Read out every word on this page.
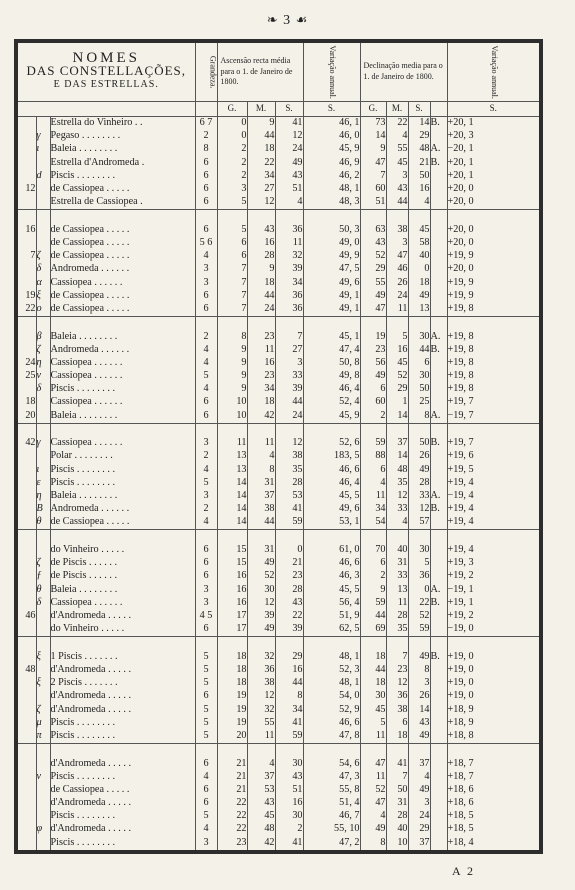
❧ 3 ☙
NOMES
DAS CONSTELLAÇÕES,
E DAS ESTRELLAS.			Grandeza.	Ascensão recta média para o 1. de Janeiro de 1800.			Variação annual.	Declinação media para o 1. de Janeiro de 1800.				Variação annual.
				G.	M.	S.	S.	G.	M.	S.		S.
		Estrella do Vinheiro . .	6 7	0	9	41	46, 1	73	22	14	B.	+20, 1
	γ	Pegaso . . . . . . . .	2	0	44	12	46, 0	14	4	29		+20, 3
	ι	Baleia . . . . . . . .	8	2	18	24	45, 9	9	55	48	A.	−20, 1
		Estrella d'Andromeda .	6	2	22	49	46, 9	47	45	21	B.	+20, 1
	d	Piscis . . . . . . . .	6	2	34	43	46, 2	7	3	50		+20, 1
12		de Cassiopea . . . . .	6	3	27	51	48, 1	60	43	16		+20, 0
		Estrella de Cassiopea .	6	5	12	4	48, 3	51	44	4		+20, 0

16		de Cassiopea . . . . .	6	5	43	36	50, 3	63	38	45		+20, 0
		de Cassiopea . . . . .	5 6	6	16	11	49, 0	43	3	58		+20, 0
7	ζ	de Cassiopea . . . . .	4	6	28	32	49, 9	52	47	40		+19, 9
	δ	Andromeda . . . . . .	3	7	9	39	47, 5	29	46	0		+20, 0
	α	Cassiopea . . . . . .	3	7	18	34	49, 6	55	26	18		+19, 9
19	ξ	de Cassiopea . . . . .	6	7	44	36	49, 1	49	24	49		+19, 9
22	ο	de Cassiopea . . . . .	6	7	24	36	49, 1	47	11	13		+19, 8

	β	Baleia . . . . . . . .	2	8	23	7	45, 1	19	5	30	A.	+19, 8
	ζ	Andromeda . . . . . .	4	9	11	27	47, 4	23	16	44	B.	+19, 8
24	η	Cassiopea . . . . . .	4	9	16	3	50, 8	56	45	6		+19, 8
25	ν	Cassiopea . . . . . .	5	9	23	33	49, 8	49	52	30		+19, 8
	δ	Piscis . . . . . . . .	4	9	34	39	46, 4	6	29	50		+19, 8
18		Cassiopea . . . . . .	6	10	18	44	52, 4	60	1	25		+19, 7
20		Baleia . . . . . . . .	6	10	42	24	45, 9	2	14	8	A.	−19, 7

42	γ	Cassiopea . . . . . .	3	11	11	12	52, 6	59	37	50	B.	+19, 7
		Polar . . . . . . . .	2	13	4	38	183, 5	88	14	26		+19, 6
	ι	Piscis . . . . . . . .	4	13	8	35	46, 6	6	48	49		+19, 5
	ε	Piscis . . . . . . . .	5	14	31	28	46, 4	4	35	28		+19, 4
	η	Baleia . . . . . . . .	3	14	37	53	45, 5	11	12	33	A.	−19, 4
	B	Andromeda . . . . . .	2	14	38	41	49, 6	34	33	12	B.	+19, 4
	θ	de Cassiopea . . . . .	4	14	44	59	53, 1	54	4	57		+19, 4

		do Vinheiro . . . . .	6	15	31	0	61, 0	70	40	30		+19, 4
	ζ	de Piscis . . . . . .	6	15	49	21	46, 6	6	31	5		+19, 3
	ƒ	de Piscis . . . . . .	6	16	52	23	46, 3	2	33	36		+19, 2
	θ	Baleia . . . . . . . .	3	16	30	28	45, 5	9	13	0	A.	−19, 1
	δ	Cassiopea . . . . . .	3	16	12	43	56, 4	59	11	22	B.	+19, 1
46		d'Andromeda . . . . .	4 5	17	39	22	51, 9	44	28	52		+19, 2
		do Vinheiro . . . . .	6	17	49	39	62, 5	69	35	59		−19, 0

	ξ	1 Piscis . . . . . . .	5	18	32	29	48, 1	18	7	49	B.	+19, 0
48		d'Andromeda . . . . .	5	18	36	16	52, 3	44	23	8		+19, 0
	ξ	2 Piscis . . . . . . .	5	18	38	44	48, 1	18	12	3		+19, 0
		d'Andromeda . . . . .	6	19	12	8	54, 0	30	36	26		+19, 0
	ζ	d'Andromeda . . . . .	5	19	32	34	52, 9	45	38	14		+18, 9
	μ	Piscis . . . . . . . .	5	19	55	41	46, 6	5	6	43		+18, 9
	π	Piscis . . . . . . . .	5	20	11	59	47, 8	11	18	49		+18, 8

		d'Andromeda . . . . .	6	21	4	30	54, 6	47	41	37		+18, 7
	ν	Piscis . . . . . . . .	4	21	37	43	47, 3	11	7	4		+18, 7
		de Cassiopea . . . . .	6	21	53	51	55, 8	52	50	49		+18, 6
		d'Andromeda . . . . .	6	22	43	16	51, 4	47	31	3		+18, 6
		Piscis . . . . . . . .	5	22	45	30	46, 7	4	28	24		+18, 5
	φ	d'Andromeda . . . . .	4	22	48	2	55, 10	49	40	29		+18, 5
		Piscis . . . . . . . .	3	23	42	41	47, 2	8	10	37		+18, 4
A 2
